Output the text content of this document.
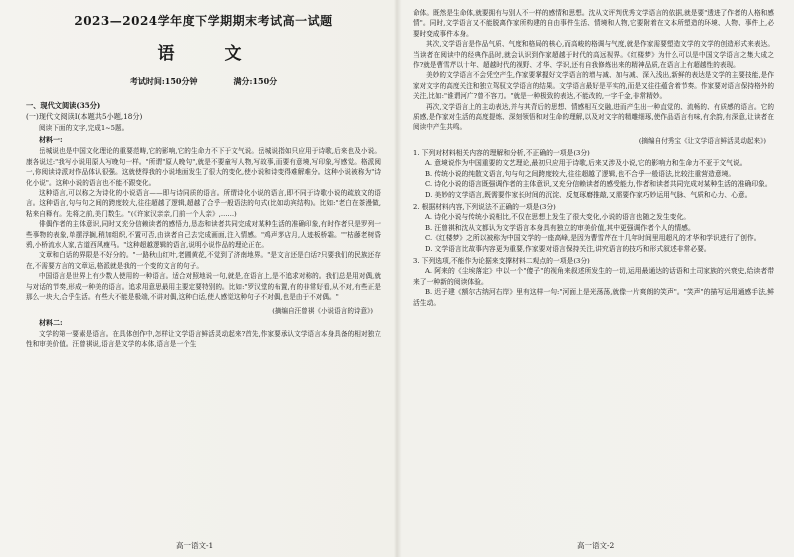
2023—2024学年度下学期期末考试高一试题
语 文
考试时间:150分钟	满分:150分
一、现代文阅读(35分)
(一)现代文阅读Ⅰ(本题共5小题,18分)

阅读下面的文字,完成1~5题。

材料一:

岳城说也是中国文化理论的重要范畴,它的影响,它的生命力不下于文气说。岳城说指如只应用于诗歌,后来也及小说。康各说过:"我写小说用原人写晚句一样。"所谓"原人晚句",就是不要童写人物,写故事,而要有意境,写印象,写感觉。格派阅一,你阅读诗派对作品体认很强。这就使得我的小说地面发生了很大的变化,使小说和诗变得难解难分。这种小说被称为"诗化小说"。这种小说的语言也不能不跟变化。

这种语言,可以称之为诗化的小说语言——即与诗同质的语言。所谓诗化小说的语言,即不同于诗歌小说的疏放文的语言。这种语言,句与句之间的跨度较大,往往超越了逻辑,超越了合乎一般语法的句式(比如动宾结构)。比如:"老白在茶漫做,粘来自释有。先将之前,美门数生。"(《许家汉亲亲,门前一个人亲》,……)

俳偶作者的主体意识,同时又充分信赖读者的感悟力,恳态和读者共同完成对某种生活的准确印象,有时作者只是罗列一些事物的表象,单摆浮搁,稍加组织,不置可否,由读者自己去完成画面,注入情感。"鸡声茅店月,人迹板桥霜。""枯藤老树昏鸦,小桥流水人家,古道西风瘦马。"这种超越逻辑的语言,说明小说作品的理论正在。

文章和白话的界限是不好分的。"一路秋山红叶,老圃黄花,不觉到了济南地界。"是文言还是白话?只要我们的民族还存在,不需要方言的文章运,格派就是我的一个变的文言的句子。

中国语言是世界上有少数人使用的一种语言。适合对照地说一句,就是,在语言上,是不追求对称的。我们总是用对偶,就与对话的节奏,形成一种美的语言。追求用意思最用主要定要特别的。比如:"罗汉堂的布置,有的非常好看,从不对,有些正是那么一块大,合乎生活。有些大不能是极端,不讲对偶,这种白话,使人感觉这种句子不对偶,也是由于不对偶。"

(摘编自汪曾祺《小说语言的诗意》)
材料二:

文学的第一要素是语言。在具体创作中,怎样让文学语言鲜活灵动起来?首先,作家要承认文学语言本身具备的相对独立性和审美价值。汪曾祺说,语言是文学的本体,语言是一个生

高一语文-1

命体。既然是生命体,就要拥有与别人不一样的感情和思想。沈从文评判优秀文学语言的依据,就是要"透进了作者的人格和感情"。同时,文学语言又不能脱离作家所构建的自由事件生活、情境和人物,它要附着在文本所塑造的环境、人物、事件上,必要时变成事件本身。

其次,文学语言是作品气质、气度和格局的核心,而高峻的格调与气度,就是作家需要塑造文学的文学的创造形式来表达。当读者在阅读中的经典作品时,就会认识到作家超越于时代的高远视界。《红楼梦》为什么可以是中国文学语言之集大成之作?就是曹雪芹以十年、超越时代的视野、才华、学识,还有自我修炼出来的精神品质,在语言上有超越性的表现。

美妙的文学语言不会凭空产生,作家要掌握好文学语言的增与减、加与减、深入浅出,新鲜的表达是文学的主要技能,是作家对文字的高度关注和独立驾驭文学语言的结果。文学语言最好是平实的,而是又往往蕴含着节奏。作家要对语言保持格外的关注,比如:"谁谓河广?曾不容刀。"就是一种极致的表达,不能改的,一字千金,非常精妙。

再次,文学语言上的主动表达,并与其背后的思想、情感相互交融,进而产生出一种直觉的、流畅的、有质感的语言。它的质感,是作家对生活的高度提炼、深刻领悟和对生命的理解,以及对文字的精雕细琢,使作品语言有味,有余韵,有深意,让读者在阅读中产生共鸣。

(摘编自付秀宝《让文学语言鲜活灵动起来》)

1. 下列对材料相关内容的理解和分析,不正确的一项是(3分)

A. 意境说作为中国重要的文艺理论,最初只应用于诗歌,后来又涉及小说,它的影响力和生命力不亚于文气说。

B. 传统小说的纯散文语言,句与句之间跨度较大,往往超越了逻辑,也不合乎一般语法,比较注重营造意境。

C. 诗化小说的语言既强调作者的主体意识,又充分信赖读者的感受能力,作者和读者共同完成对某种生活的准确印象。

D. 美妙的文学语言,既需要作家长时间的沉淀、反复琢磨推敲,又需要作家巧妙运用气脉、气质和心力、心意。

2. 根据材料内容,下列说法不正确的一项是(3分)

A. 诗化小说与传统小说相比,不仅在思想上发生了很大变化,小说的语言也随之发生变化。

B. 汪曾祺和沈从文都认为文学语言本身具有独立的审美价值,其中更强调作者个人的情感。

C.《红楼梦》之所以被称为中国文学的一座高峰,是因为曹雪芹在十几年时间里用超凡的才华和学识进行了创作。

D. 文学语言比故事内容更为重要,作家要对语言保持关注,讲究语言的技巧和形式叙述非常必要。

3. 下列选项,不能作为论据来支撑材料二观点的一项是(3分)

A. 阿来的《尘埃落定》中以一个"傻子"的视角来叙述所发生的一切,运用最通达的话语和土司家族的兴衰史,给读者带来了一种新的阅读体验。

B. 迟子建《额尔古纳河右岸》里有这样一句:"河面上是光荡荡,就像一片爽朗的笑声"。"笑声"的描写运用通感手法,鲜活生动。

高一语文-2
